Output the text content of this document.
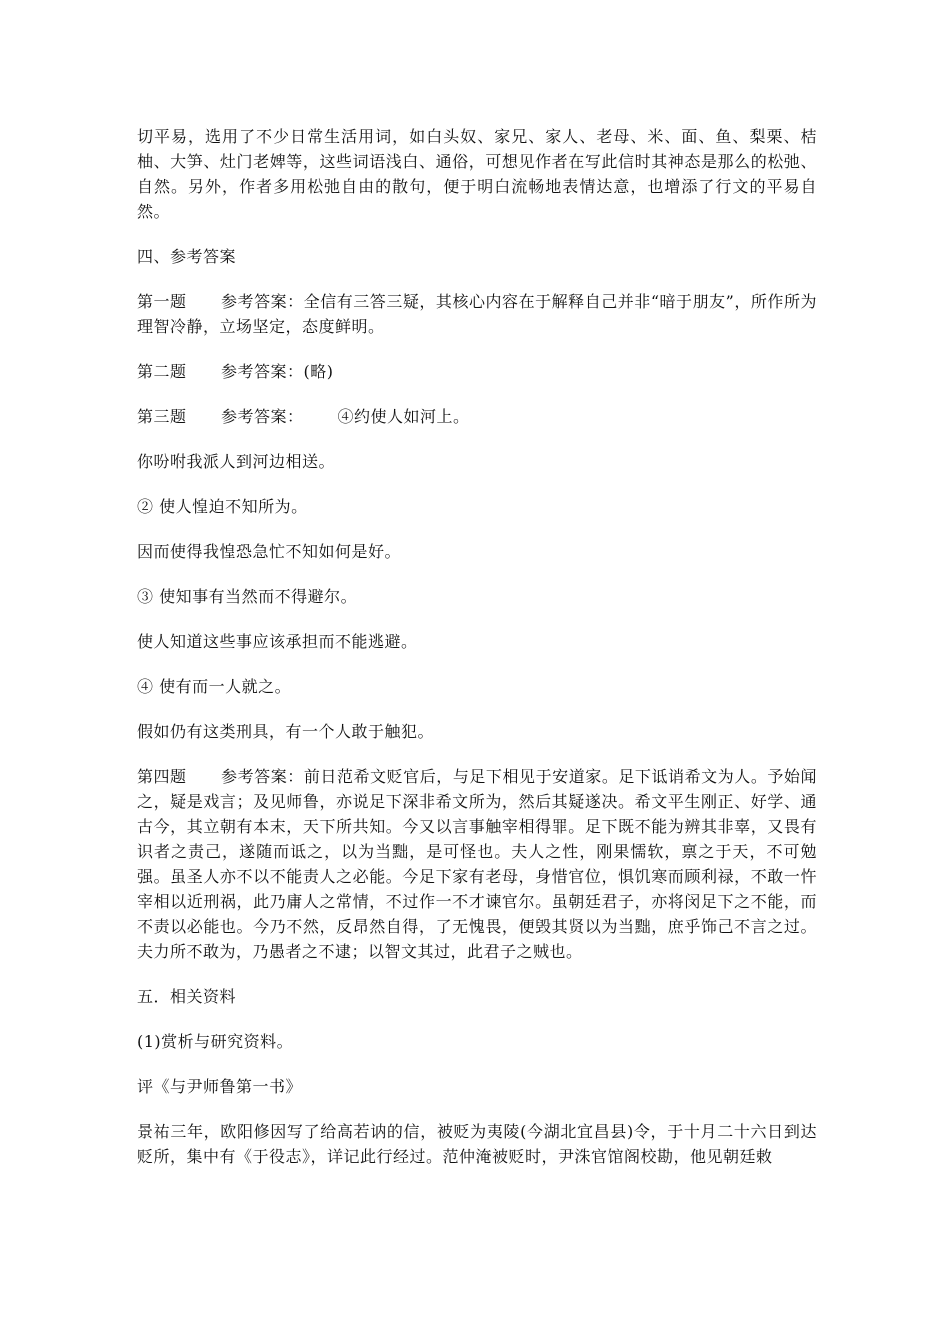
切平易，选用了不少日常生活用词，如白头奴、家兄、家人、老母、米、面、鱼、梨栗、桔柚、大笋、灶门老婢等，这些词语浅白、通俗，可想见作者在写此信时其神态是那么的松弛、自然。另外，作者多用松弛自由的散句，便于明白流畅地表情达意，也增添了行文的平易自然。

四、参考答案

第一题 参考答案：全信有三答三疑，其核心内容在于解释自己并非“暗于朋友”，所作所为理智冷静，立场坚定，态度鲜明。

第二题 参考答案：(略)

第三题 参考答案： ④约使人如河上。

你吩咐我派人到河边相送。

② 使人惶迫不知所为。

因而使得我惶恐急忙不知如何是好。

③ 使知事有当然而不得避尔。

使人知道这些事应该承担而不能逃避。

④ 使有而一人就之。

假如仍有这类刑具，有一个人敢于触犯。

第四题 参考答案：前日范希文贬官后，与足下相见于安道家。足下诋诮希文为人。予始闻之，疑是戏言；及见师鲁，亦说足下深非希文所为，然后其疑遂决。希文平生刚正、好学、通古今，其立朝有本末，天下所共知。今又以言事触宰相得罪。足下既不能为辨其非辜，又畏有识者之责己，遂随而诋之，以为当黜，是可怪也。夫人之性，刚果懦软，禀之于天，不可勉强。虽圣人亦不以不能责人之必能。今足下家有老母，身惜官位，惧饥寒而顾利禄，不敢一忤宰相以近刑祸，此乃庸人之常情，不过作一不才谏官尔。虽朝廷君子，亦将闵足下之不能，而不责以必能也。今乃不然，反昂然自得，了无愧畏，便毁其贤以为当黜，庶乎饰己不言之过。夫力所不敢为，乃愚者之不逮；以智文其过，此君子之贼也。

五．相关资料

(1)赏析与研究资料。

评《与尹师鲁第一书》

景祐三年，欧阳修因写了给高若讷的信，被贬为夷陵(今湖北宜昌县)令，于十月二十六日到达贬所，集中有《于役志》，详记此行经过。范仲淹被贬时，尹洙官馆阁校勘，他见朝廷敕
